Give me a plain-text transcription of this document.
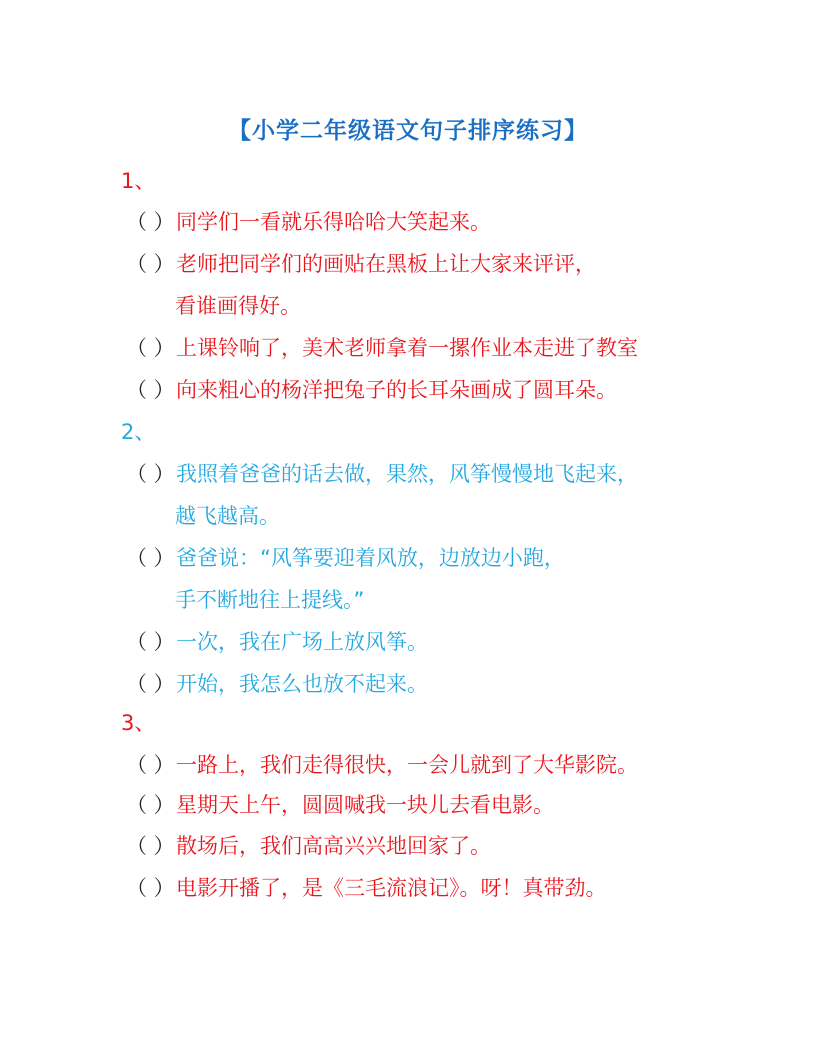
【小学二年级语文句子排序练习】
1、
（ ）同学们一看就乐得哈哈大笑起来。
（ ）老师把同学们的画贴在黑板上让大家来评评，
看谁画得好。
（ ）上课铃响了，美术老师拿着一摞作业本走进了教室
（ ）向来粗心的杨洋把兔子的长耳朵画成了圆耳朵。
2、
（ ）我照着爸爸的话去做，果然，风筝慢慢地飞起来，
越飞越高。
（ ）爸爸说：“风筝要迎着风放，边放边小跑，
手不断地往上提线。”
（ ）一次，我在广场上放风筝。
（ ）开始，我怎么也放不起来。
3、
（ ）一路上，我们走得很快，一会儿就到了大华影院。
（ ）星期天上午，圆圆喊我一块儿去看电影。
（ ）散场后，我们高高兴兴地回家了。
（ ）电影开播了，是《三毛流浪记》。呀！真带劲。
